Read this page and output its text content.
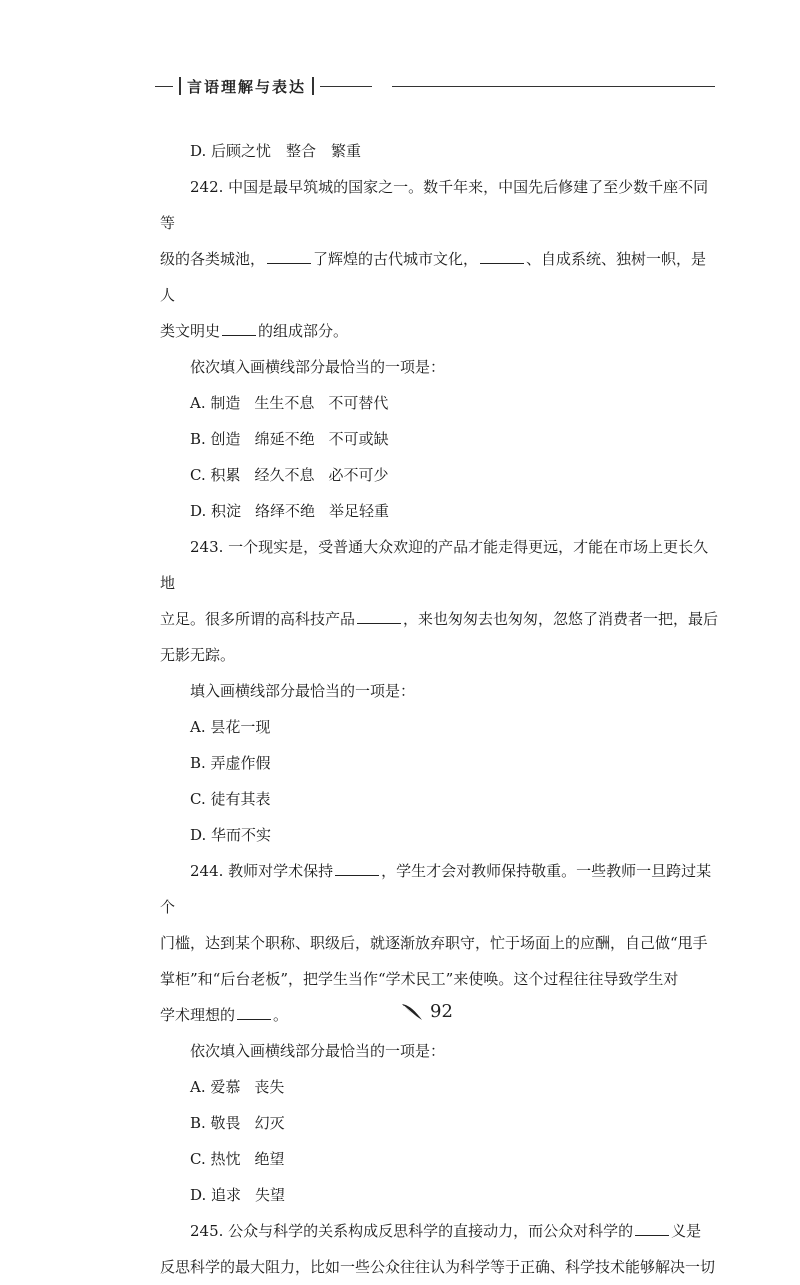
言语理解与表达

D. 后顾之忧　整合　繁重

242. 中国是最早筑城的国家之一。数千年来，中国先后修建了至少数千座不同等

级的各类城池，	了辉煌的古代城市文化，	、自成系统、独树一帜，是人

类文明史	的组成部分。

依次填入画横线部分最恰当的一项是：

A. 制造 生生不息 不可替代

B. 创造 绵延不绝 不可或缺

C. 积累 经久不息 必不可少

D. 积淀 络绎不绝 举足轻重

243. 一个现实是，受普通大众欢迎的产品才能走得更远，才能在市场上更长久地

立足。很多所谓的高科技产品	，来也匆匆去也匆匆，忽悠了消费者一把，最后

无影无踪。

填入画横线部分最恰当的一项是：

A. 昙花一现

B. 弄虚作假

C. 徒有其表

D. 华而不实

244. 教师对学术保持	，学生才会对教师保持敬重。一些教师一旦跨过某个

门槛，达到某个职称、职级后，就逐渐放弃职守，忙于场面上的应酬，自己做“甩手

掌柜”和“后台老板”，把学生当作“学术民工”来使唤。这个过程往往导致学生对

学术理想的	。

依次填入画横线部分最恰当的一项是：

A. 爱慕 丧失

B. 敬畏 幻灭

C. 热忱 绝望

D. 追求 失望

245. 公众与科学的关系构成反思科学的直接动力，而公众对科学的	义是

反思科学的最大阻力，比如一些公众往往认为科学等于正确、科学技术能够解决一切

92
